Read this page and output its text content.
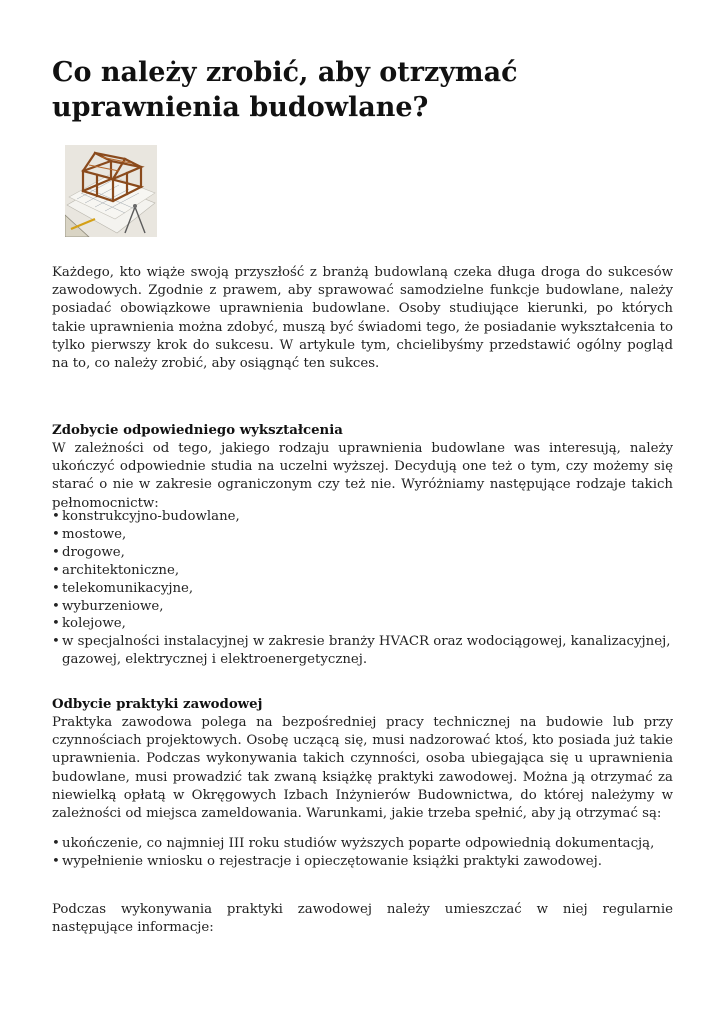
Co należy zrobić, aby otrzymać uprawnienia budowlane?

Każdego, kto wiąże swoją przyszłość z branżą budowlaną czeka długa droga do sukcesów zawodowych. Zgodnie z prawem, aby sprawować samodzielne funkcje budowlane, należy posiadać obowiązkowe uprawnienia budowlane. Osoby studiujące kierunki, po których takie uprawnienia można zdobyć, muszą być świadomi tego, że posiadanie wykształcenia to tylko pierwszy krok do sukcesu. W artykule tym, chcielibyśmy przedstawić ogólny pogląd na to, co należy zrobić, aby osiągnąć ten sukces.

Zdobycie odpowiedniego wykształcenia

W zależności od tego, jakiego rodzaju uprawnienia budowlane was interesują, należy ukończyć odpowiednie studia na uczelni wyższej. Decydują one też o tym, czy możemy się starać o nie w zakresie ograniczonym czy też nie. Wyróżniamy następujące rodzaje takich pełnomocnictw:

• konstrukcyjno-budowlane,
• mostowe,
• drogowe,
• architektoniczne,
• telekomunikacyjne,
• wyburzeniowe,
• kolejowe,
• w specjalności instalacyjnej w zakresie branży HVACR oraz wodociągowej, kanalizacyjnej, gazowej, elektrycznej i elektroenergetycznej.
Odbycie praktyki zawodowej

Praktyka zawodowa polega na bezpośredniej pracy technicznej na budowie lub przy czynnościach projektowych. Osobę uczącą się, musi nadzorować ktoś, kto posiada już takie uprawnienia. Podczas wykonywania takich czynności, osoba ubiegająca się u uprawnienia budowlane, musi prowadzić tak zwaną książkę praktyki zawodowej. Można ją otrzymać za niewielką opłatą w Okręgowych Izbach Inżynierów Budownictwa, do której należymy w zależności od miejsca zameldowania. Warunkami, jakie trzeba spełnić, aby ją otrzymać są:

• ukończenie, co najmniej III roku studiów wyższych poparte odpowiednią dokumentacją,
• wypełnienie wniosku o rejestracje i opieczętowanie książki praktyki zawodowej.

Podczas wykonywania praktyki zawodowej należy umieszczać w niej regularnie następujące informacje:
